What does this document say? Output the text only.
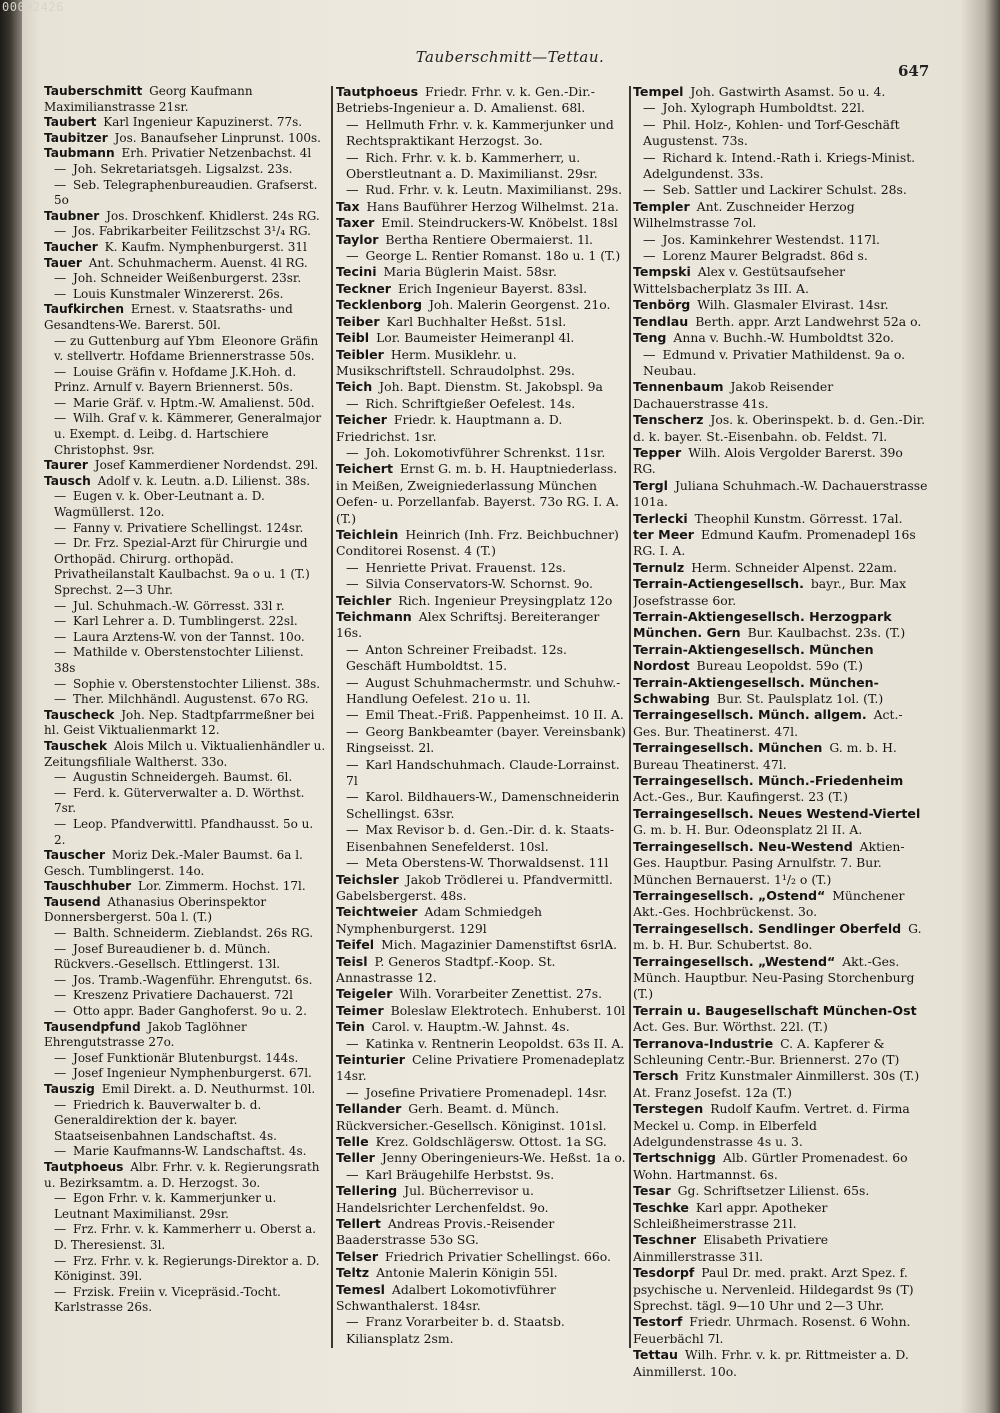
00092426
Tauberschmitt—Tettau.
647

Tauberschmitt Georg Kaufmann Maximilianstrasse 21sr.

Taubert Karl Ingenieur Kapuzinerst. 77s.

Taubitzer Jos. Banaufseher Linprunst. 100s.

Taubmann Erh. Privatier Netzenbachst. 4l

— Joh. Sekretariatsgeh. Ligsalzst. 23s.

— Seb. Telegraphenbureaudien. Grafserst. 5o

Taubner Jos. Droschkenf. Khidlerst. 24s RG.

— Jos. Fabrikarbeiter Feilitzschst 3¹/₄ RG.

Taucher K. Kaufm. Nymphenburgerst. 31l

Tauer Ant. Schuhmacherm. Auenst. 4l RG.

— Joh. Schneider Weißenburgerst. 23sr.

— Louis Kunstmaler Winzererst. 26s.

Taufkirchen Ernest. v. Staatsraths- und Gesandtens-We. Barerst. 50l.

— zu Guttenburg auf Ybm Eleonore Gräfin v. stellvertr. Hofdame Briennerstrasse 50s.

— Louise Gräfin v. Hofdame J.K.Hoh. d. Prinz. Arnulf v. Bayern Briennerst. 50s.

— Marie Gräf. v. Hptm.-W. Amalienst. 50d.

— Wilh. Graf v. k. Kämmerer, Generalmajor u. Exempt. d. Leibg. d. Hartschiere Christophst. 9sr.

Taurer Josef Kammerdiener Nordendst. 29l.

Tausch Adolf v. k. Leutn. a.D. Lilienst. 38s.

— Eugen v. k. Ober-Leutnant a. D. Wagmüllerst. 12o.

— Fanny v. Privatiere Schellingst. 124sr.

— Dr. Frz. Spezial-Arzt für Chirurgie und Orthopäd. Chirurg. orthopäd. Privatheilanstalt Kaulbachst. 9a o u. 1 (T.) Sprechst. 2—3 Uhr.

— Jul. Schuhmach.-W. Görresst. 33l r.

— Karl Lehrer a. D. Tumblingerst. 22sl.

— Laura Arztens-W. von der Tannst. 10o.

— Mathilde v. Oberstenstochter Lilienst. 38s

— Sophie v. Oberstenstochter Lilienst. 38s.

— Ther. Milchhändl. Augustenst. 67o RG.

Tauscheck Joh. Nep. Stadtpfarrmeßner bei hl. Geist Viktualienmarkt 12.

Tauschek Alois Milch u. Viktualienhändler u. Zeitungsfiliale Waltherst. 33o.

— Augustin Schneidergeh. Baumst. 6l.

— Ferd. k. Güterverwalter a. D. Wörthst. 7sr.

— Leop. Pfandverwittl. Pfandhausst. 5o u. 2.

Tauscher Moriz Dek.-Maler Baumst. 6a l. Gesch. Tumblingerst. 14o.

Tauschhuber Lor. Zimmerm. Hochst. 17l.

Tausend Athanasius Oberinspektor Donnersbergerst. 50a l. (T.)

— Balth. Schneiderm. Zieblandst. 26s RG.

— Josef Bureaudiener b. d. Münch. Rückvers.-Gesellsch. Ettlingerst. 13l.

— Jos. Tramb.-Wagenführ. Ehrengutst. 6s.

— Kreszenz Privatiere Dachauerst. 72l

— Otto appr. Bader Ganghoferst. 9o u. 2.

Tausendpfund Jakob Taglöhner Ehrengutstrasse 27o.

— Josef Funktionär Blutenburgst. 144s.

— Josef Ingenieur Nymphenburgerst. 67l.

Tauszig Emil Direkt. a. D. Neuthurmst. 10l.

— Friedrich k. Bauverwalter b. d. Generaldirektion der k. bayer. Staatseisenbahnen Landschaftst. 4s.

— Marie Kaufmanns-W. Landschaftst. 4s.

Tautphoeus Albr. Frhr. v. k. Regierungsrath u. Bezirksamtm. a. D. Herzogst. 3o.

— Egon Frhr. v. k. Kammerjunker u. Leutnant Maximilianst. 29sr.

— Frz. Frhr. v. k. Kammerherr u. Oberst a. D. Theresienst. 3l.

— Frz. Frhr. v. k. Regierungs-Direktor a. D. Königinst. 39l.

— Frzisk. Freiin v. Vicepräsid.-Tocht. Karlstrasse 26s.

Tautphoeus Friedr. Frhr. v. k. Gen.-Dir.-Betriebs-Ingenieur a. D. Amalienst. 68l.

— Hellmuth Frhr. v. k. Kammerjunker und Rechtspraktikant Herzogst. 3o.

— Rich. Frhr. v. k. b. Kammerherr, u. Oberstleutnant a. D. Maximilianst. 29sr.

— Rud. Frhr. v. k. Leutn. Maximilianst. 29s.

Tax Hans Bauführer Herzog Wilhelmst. 21a.

Taxer Emil. Steindruckers-W. Knöbelst. 18sl

Taylor Bertha Rentiere Obermaierst. 1l.

— George L. Rentier Romanst. 18o u. 1 (T.)

Tecini Maria Büglerin Maist. 58sr.

Teckner Erich Ingenieur Bayerst. 83sl.

Tecklenborg Joh. Malerin Georgenst. 21o.

Teiber Karl Buchhalter Heßst. 51sl.

Teibl Lor. Baumeister Heimeranpl 4l.

Teibler Herm. Musiklehr. u. Musikschriftstell. Schraudolphst. 29s.

Teich Joh. Bapt. Dienstm. St. Jakobspl. 9a

— Rich. Schriftgießer Oefelest. 14s.

Teicher Friedr. k. Hauptmann a. D. Friedrichst. 1sr.

— Joh. Lokomotivführer Schrenkst. 11sr.

Teichert Ernst G. m. b. H. Hauptniederlass. in Meißen, Zweigniederlassung München Oefen- u. Porzellanfab. Bayerst. 73o RG. I. A. (T.)

Teichlein Heinrich (Inh. Frz. Beichbuchner) Conditorei Rosenst. 4 (T.)

— Henriette Privat. Frauenst. 12s.

— Silvia Conservators-W. Schornst. 9o.

Teichler Rich. Ingenieur Preysingplatz 12o

Teichmann Alex Schriftsj. Bereiteranger 16s.

— Anton Schreiner Freibadst. 12s. Geschäft Humboldtst. 15.

— August Schuhmachermstr. und Schuhw.-Handlung Oefelest. 21o u. 1l.

— Emil Theat.-Friß. Pappenheimst. 10 II. A.

— Georg Bankbeamter (bayer. Vereinsbank) Ringseisst. 2l.

— Karl Handschuhmach. Claude-Lorrainst. 7l

— Karol. Bildhauers-W., Damenschneiderin Schellingst. 63sr.

— Max Revisor b. d. Gen.-Dir. d. k. Staats-Eisenbahnen Senefelderst. 10sl.

— Meta Oberstens-W. Thorwaldsenst. 11l

Teichsler Jakob Trödlerei u. Pfandvermittl. Gabelsbergerst. 48s.

Teichtweier Adam Schmiedgeh Nymphenburgerst. 129l

Teifel Mich. Magazinier Damenstiftst 6srlA.

Teisl P. Generos Stadtpf.-Koop. St. Annastrasse 12.

Teigeler Wilh. Vorarbeiter Zenettist. 27s.

Teimer Boleslaw Elektrotech. Enhuberst. 10l

Tein Carol. v. Hauptm.-W. Jahnst. 4s.

— Katinka v. Rentnerin Leopoldst. 63s II. A.

Teinturier Celine Privatiere Promenadeplatz 14sr.

— Josefine Privatiere Promenadepl. 14sr.

Tellander Gerh. Beamt. d. Münch. Rückversicher.-Gesellsch. Königinst. 101sl.

Telle Krez. Goldschlägersw. Ottost. 1a SG.

Teller Jenny Oberingenieurs-We. Heßst. 1a o.

— Karl Bräugehilfe Herbstst. 9s.

Tellering Jul. Bücherrevisor u. Handelsrichter Lerchenfeldst. 9o.

Tellert Andreas Provis.-Reisender Baaderstrasse 53o SG.

Telser Friedrich Privatier Schellingst. 66o.

Teltz Antonie Malerin Königin 55l.

Temesl Adalbert Lokomotivführer Schwanthalerst. 184sr.

— Franz Vorarbeiter b. d. Staatsb. Kiliansplatz 2sm.

Tempel Joh. Gastwirth Asamst. 5o u. 4.

— Joh. Xylograph Humboldtst. 22l.

— Phil. Holz-, Kohlen- und Torf-Geschäft Augustenst. 73s.

— Richard k. Intend.-Rath i. Kriegs-Minist. Adelgundenst. 33s.

— Seb. Sattler und Lackirer Schulst. 28s.

Templer Ant. Zuschneider Herzog Wilhelmstrasse 7ol.

— Jos. Kaminkehrer Westendst. 117l.

— Lorenz Maurer Belgradst. 86d s.

Tempski Alex v. Gestütsaufseher Wittelsbacherplatz 3s III. A.

Tenbörg Wilh. Glasmaler Elvirast. 14sr.

Tendlau Berth. appr. Arzt Landwehrst 52a o.

Teng Anna v. Buchh.-W. Humboldtst 32o.

— Edmund v. Privatier Mathildenst. 9a o. Neubau.

Tennenbaum Jakob Reisender Dachauerstrasse 41s.

Tenscherz Jos. k. Oberinspekt. b. d. Gen.-Dir. d. k. bayer. St.-Eisenbahn. ob. Feldst. 7l.

Tepper Wilh. Alois Vergolder Barerst. 39o RG.

Tergl Juliana Schuhmach.-W. Dachauerstrasse 101a.

Terlecki Theophil Kunstm. Görresst. 17al.

ter Meer Edmund Kaufm. Promenadepl 16s RG. I. A.

Ternulz Herm. Schneider Alpenst. 22am.

Terrain-Actiengesellsch. bayr., Bur. Max Josefstrasse 6or.

Terrain-Aktiengesellsch. Herzogpark München. Gern Bur. Kaulbachst. 23s. (T.)

Terrain-Aktiengesellsch. München Nordost Bureau Leopoldst. 59o (T.)

Terrain-Aktiengesellsch. München-Schwabing Bur. St. Paulsplatz 1ol. (T.)

Terraingesellsch. Münch. allgem. Act.-Ges. Bur. Theatinerst. 47l.

Terraingesellsch. München G. m. b. H. Bureau Theatinerst. 47l.

Terraingesellsch. Münch.-Friedenheim Act.-Ges., Bur. Kaufingerst. 23 (T.)

Terraingesellsch. Neues Westend-Viertel G. m. b. H. Bur. Odeonsplatz 2l II. A.

Terraingesellsch. Neu-Westend Aktien-Ges. Hauptbur. Pasing Arnulfstr. 7. Bur. München Bernauerst. 1¹/₂ o (T.)

Terraingesellsch. „Ostend“ Münchener Akt.-Ges. Hochbrückenst. 3o.

Terraingesellsch. Sendlinger Oberfeld G. m. b. H. Bur. Schubertst. 8o.

Terraingesellsch. „Westend“ Akt.-Ges. Münch. Hauptbur. Neu-Pasing Storchenburg (T.)

Terrain u. Baugesellschaft München-Ost Act. Ges. Bur. Wörthst. 22l. (T.)

Terranova-Industrie C. A. Kapferer & Schleuning Centr.-Bur. Briennerst. 27o (T)

Tersch Fritz Kunstmaler Ainmillerst. 30s (T.) At. Franz Josefst. 12a (T.)

Terstegen Rudolf Kaufm. Vertret. d. Firma Meckel u. Comp. in Elberfeld Adelgundenstrasse 4s u. 3.

Tertschnigg Alb. Gürtler Promenadest. 6o Wohn. Hartmannst. 6s.

Tesar Gg. Schriftsetzer Lilienst. 65s.

Teschke Karl appr. Apotheker Schleißheimerstrasse 21l.

Teschner Elisabeth Privatiere Ainmillerstrasse 31l.

Tesdorpf Paul Dr. med. prakt. Arzt Spez. f. psychische u. Nervenleid. Hildegardst 9s (T) Sprechst. tägl. 9—10 Uhr und 2—3 Uhr.

Testorf Friedr. Uhrmach. Rosenst. 6 Wohn. Feuerbächl 7l.

Tettau Wilh. Frhr. v. k. pr. Rittmeister a. D. Ainmillerst. 10o.
